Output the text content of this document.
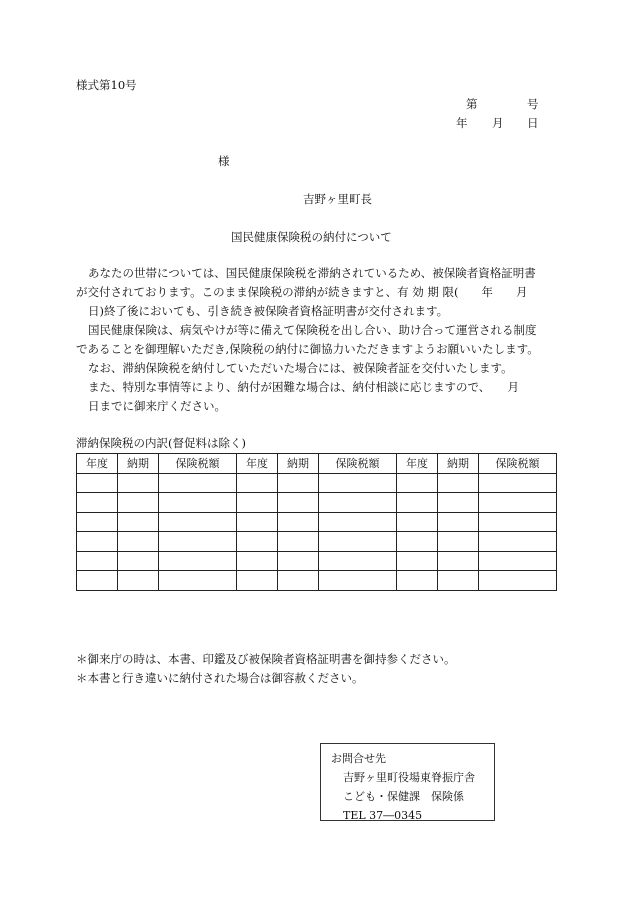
様式第10号
第	号
年 月 日
様
吉野ヶ里町長
国民健康保険税の納付について
あなたの世帯については、国民健康保険税を滞納されているため、被保険者資格証明書
が交付されております。このまま保険税の滞納が続きますと、有 効 期 限(　　年　　月
日)終了後においても、引き続き被保険者資格証明書が交付されます。
国民健康保険は、病気やけが等に備えて保険税を出し合い、助け合って運営される制度
であることを御理解いただき,保険税の納付に御協力いただきますようお願いいたします。
なお、滞納保険税を納付していただいた場合には、被保険者証を交付いたします。
また、特別な事情等により、納付が困難な場合は、納付相談に応じますので、　　月
日までに御来庁ください。
滞納保険税の内訳(督促料は除く)
年度	納期	保険税額	年度	納期	保険税額	年度	納期	保険税額

＊御来庁の時は、本書、印鑑及び被保険者資格証明書を御持参ください。
＊本書と行き違いに納付された場合は御容赦ください。
お問合せ先
吉野ヶ里町役場東脊振庁舎
こども・保健課　保険係
TEL 37―0345
